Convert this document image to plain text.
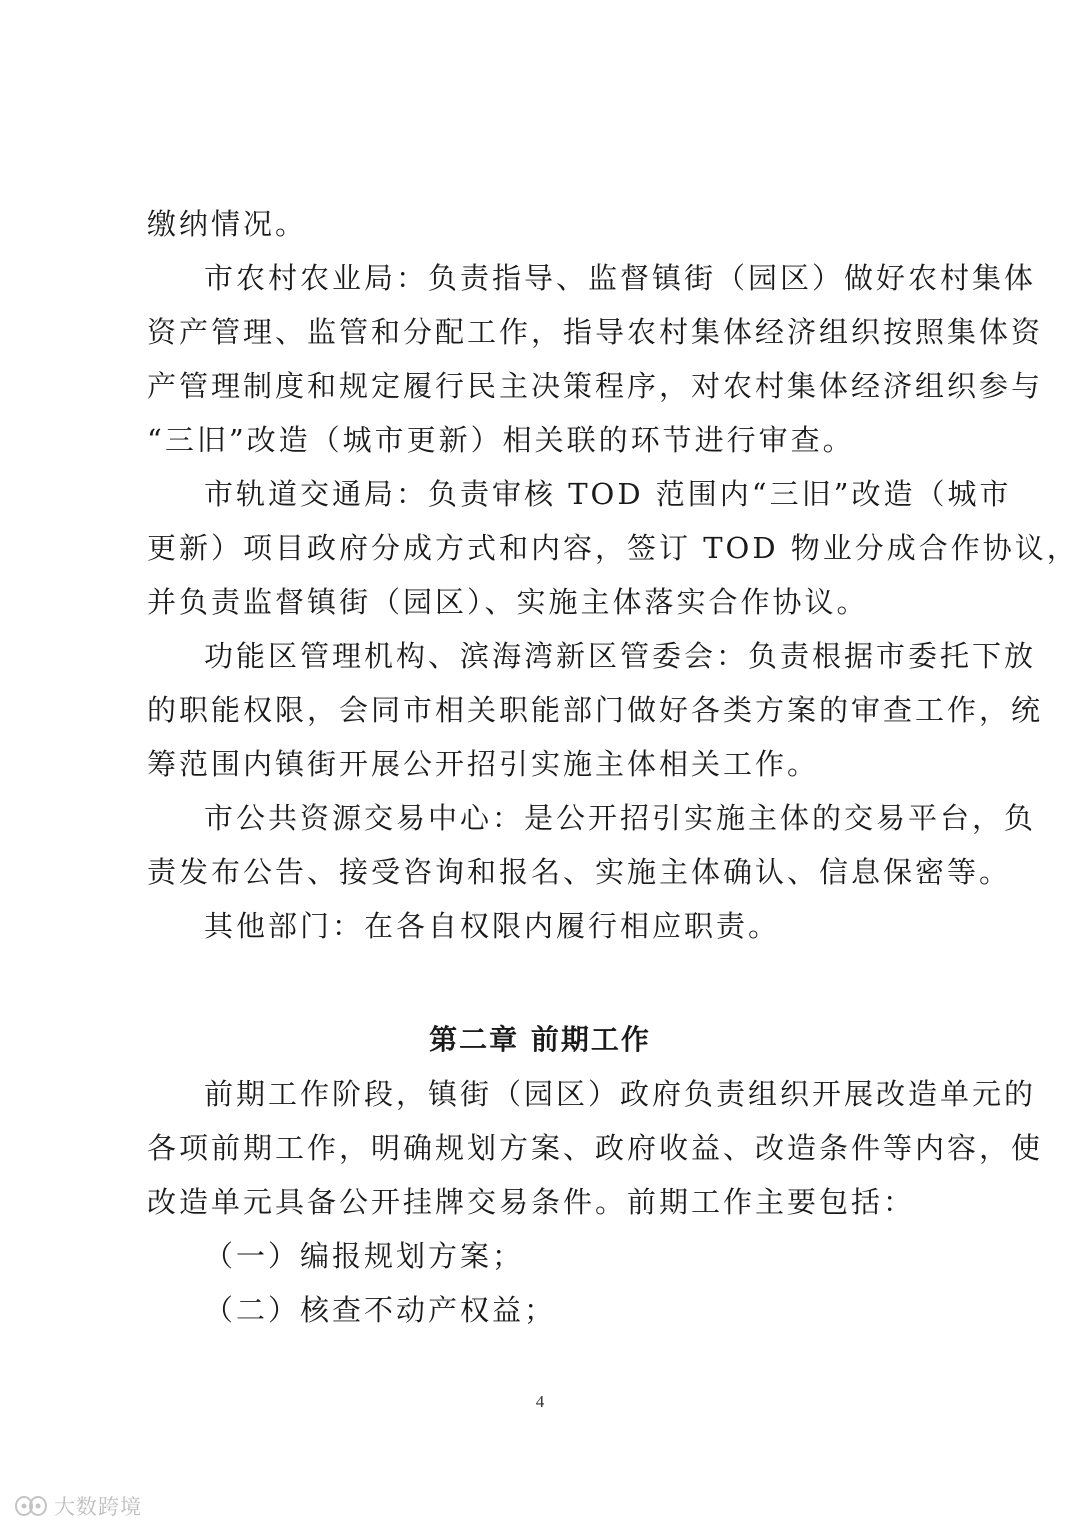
缴纳情况。
市农村农业局：负责指导、监督镇街（园区）做好农村集体
资产管理、监管和分配工作，指导农村集体经济组织按照集体资
产管理制度和规定履行民主决策程序，对农村集体经济组织参与
“三旧”改造（城市更新）相关联的环节进行审查。
市轨道交通局：负责审核 TOD 范围内“三旧”改造（城市
更新）项目政府分成方式和内容，签订 TOD 物业分成合作协议，
并负责监督镇街（园区）、实施主体落实合作协议。
功能区管理机构、滨海湾新区管委会：负责根据市委托下放
的职能权限，会同市相关职能部门做好各类方案的审查工作，统
筹范围内镇街开展公开招引实施主体相关工作。
市公共资源交易中心：是公开招引实施主体的交易平台，负
责发布公告、接受咨询和报名、实施主体确认、信息保密等。
其他部门：在各自权限内履行相应职责。
第二章 前期工作
前期工作阶段，镇街（园区）政府负责组织开展改造单元的
各项前期工作，明确规划方案、政府收益、改造条件等内容，使
改造单元具备公开挂牌交易条件。前期工作主要包括：
（一）编报规划方案；
（二）核查不动产权益；
4
大数跨境
